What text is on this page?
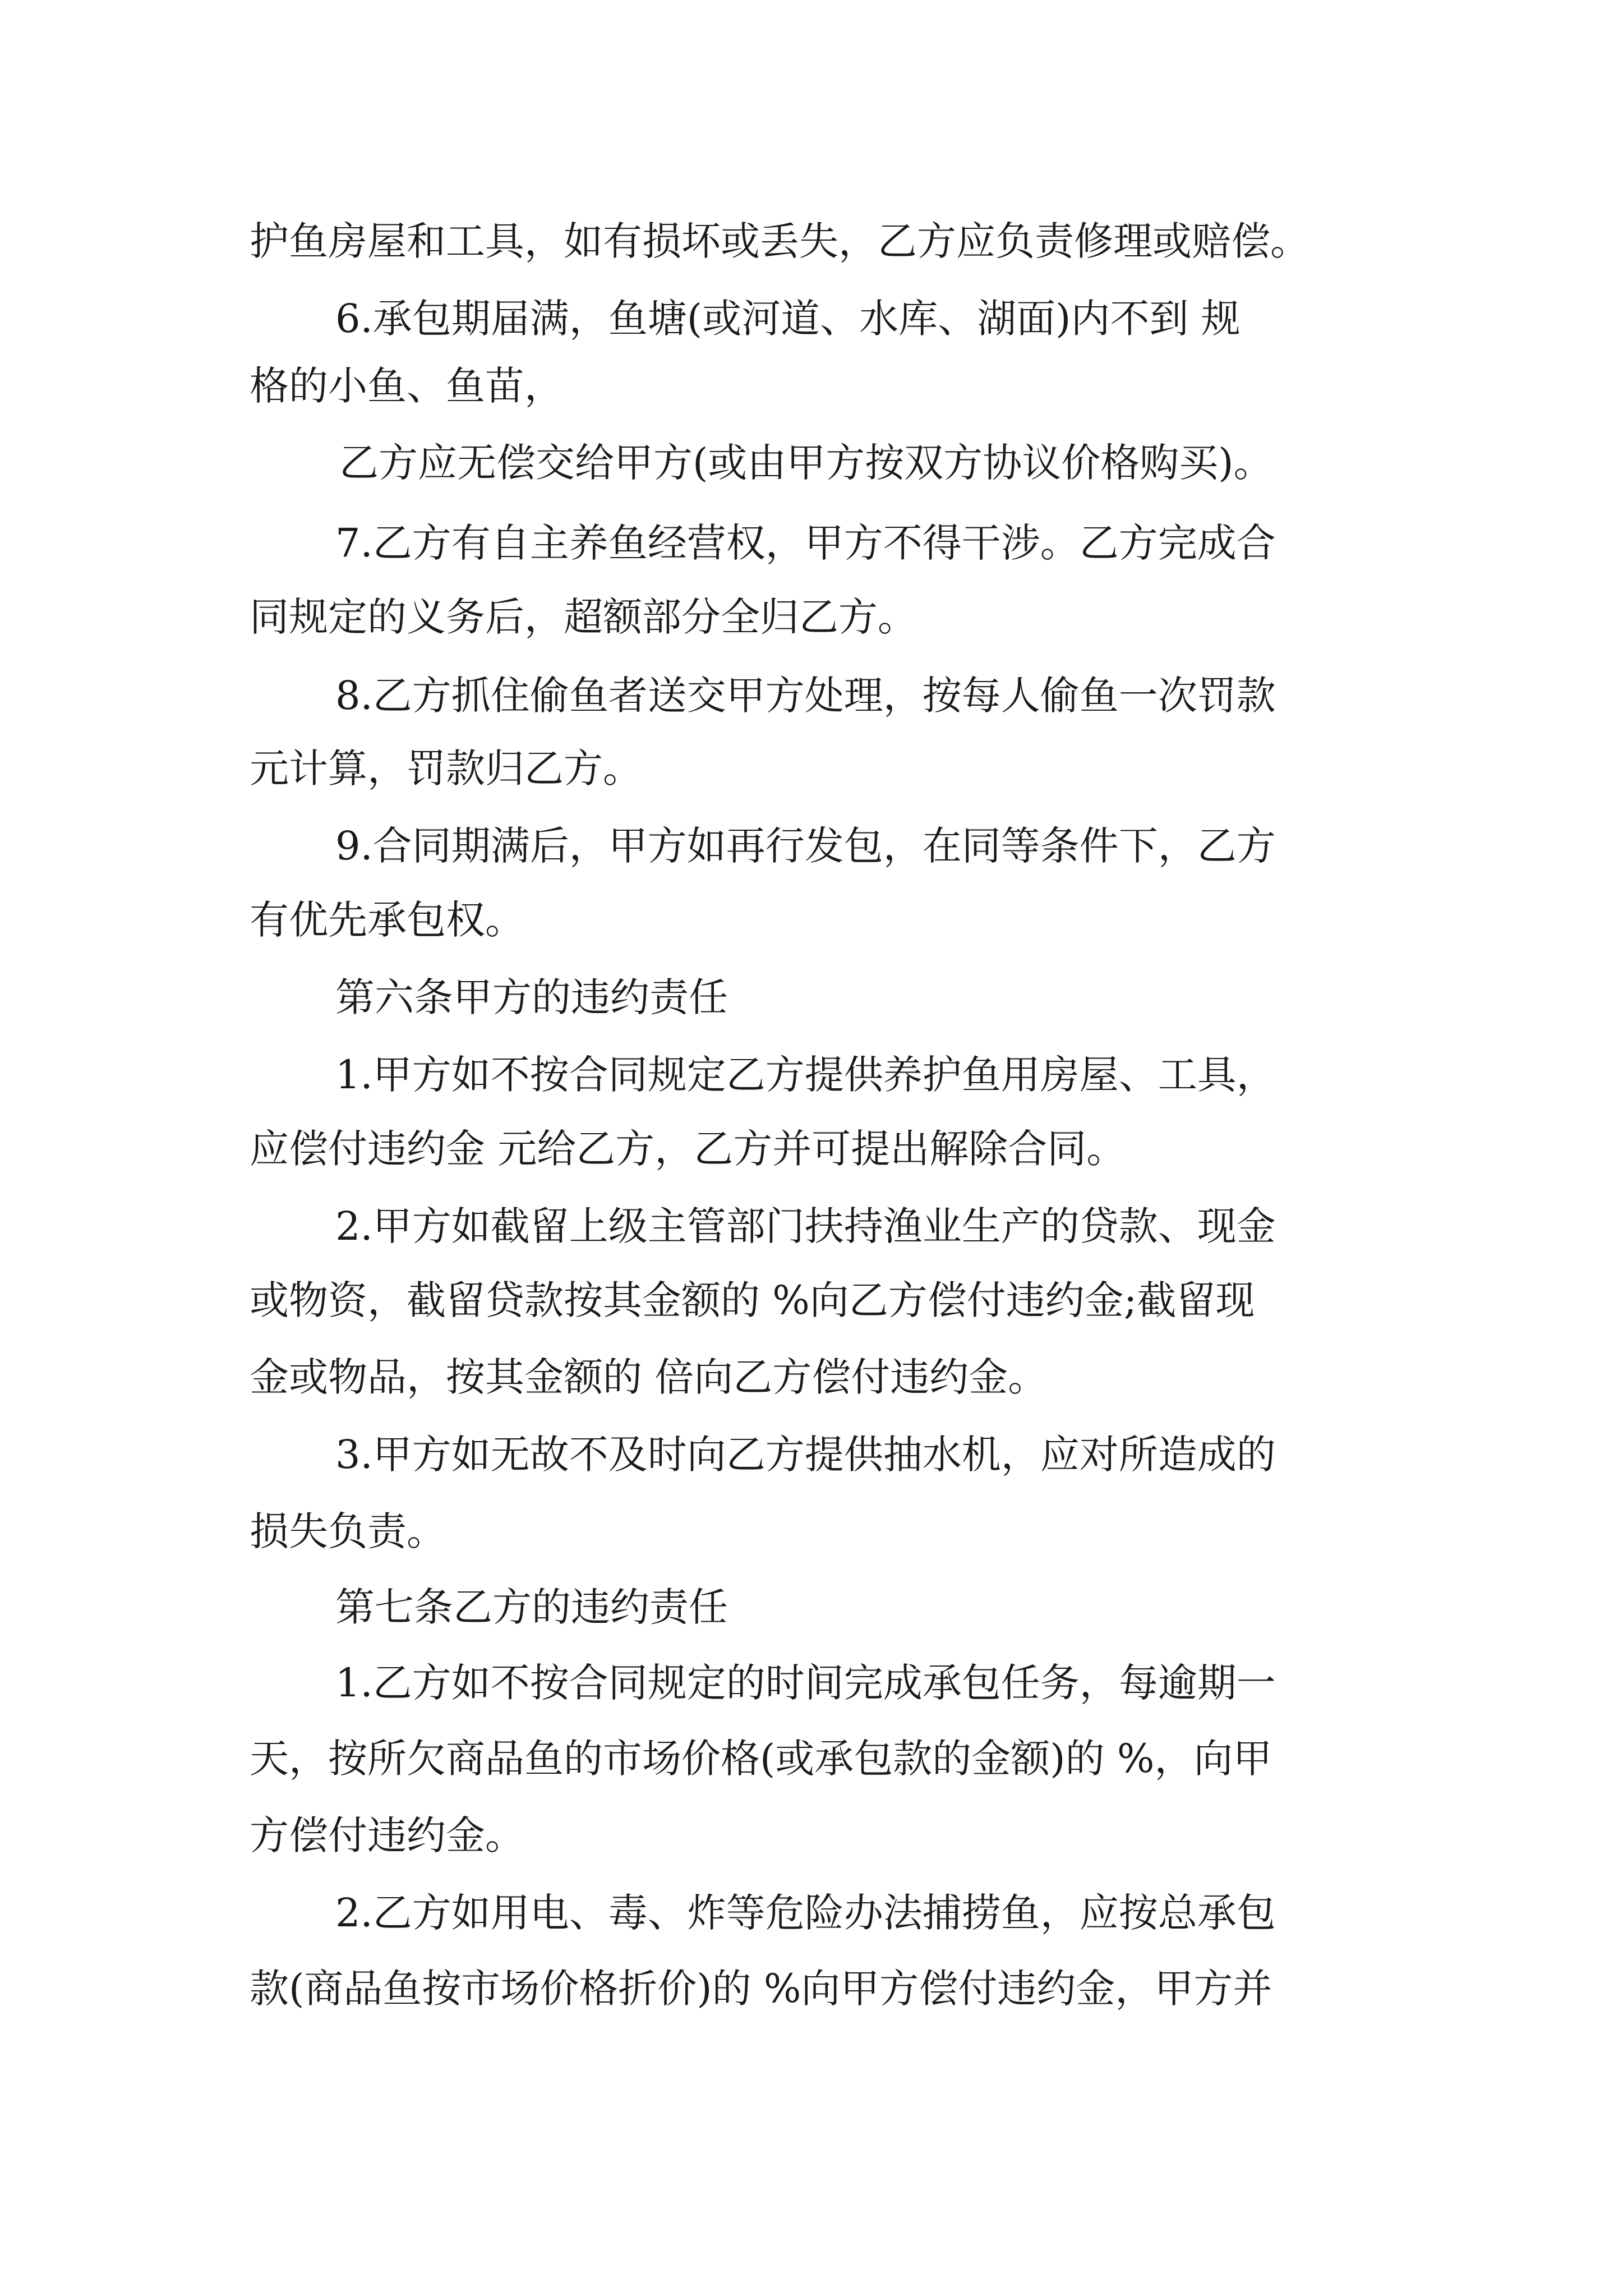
护鱼房屋和工具，如有损坏或丢失，乙方应负责修理或赔偿。
6.承包期届满，鱼塘(或河道、水库、湖面)内不到 规
格的小鱼、鱼苗，
乙方应无偿交给甲方(或由甲方按双方协议价格购买)。
7.乙方有自主养鱼经营权，甲方不得干涉。乙方完成合
同规定的义务后，超额部分全归乙方。
8.乙方抓住偷鱼者送交甲方处理，按每人偷鱼一次罚款
元计算，罚款归乙方。
9.合同期满后，甲方如再行发包，在同等条件下，乙方
有优先承包权。
第六条甲方的违约责任
1.甲方如不按合同规定乙方提供养护鱼用房屋、工具，
应偿付违约金 元给乙方，乙方并可提出解除合同。
2.甲方如截留上级主管部门扶持渔业生产的贷款、现金
或物资，截留贷款按其金额的 %向乙方偿付违约金;截留现
金或物品，按其金额的 倍向乙方偿付违约金。
3.甲方如无故不及时向乙方提供抽水机，应对所造成的
损失负责。
第七条乙方的违约责任
1.乙方如不按合同规定的时间完成承包任务，每逾期一
天，按所欠商品鱼的市场价格(或承包款的金额)的 %，向甲
方偿付违约金。
2.乙方如用电、毒、炸等危险办法捕捞鱼，应按总承包
款(商品鱼按市场价格折价)的 %向甲方偿付违约金，甲方并
